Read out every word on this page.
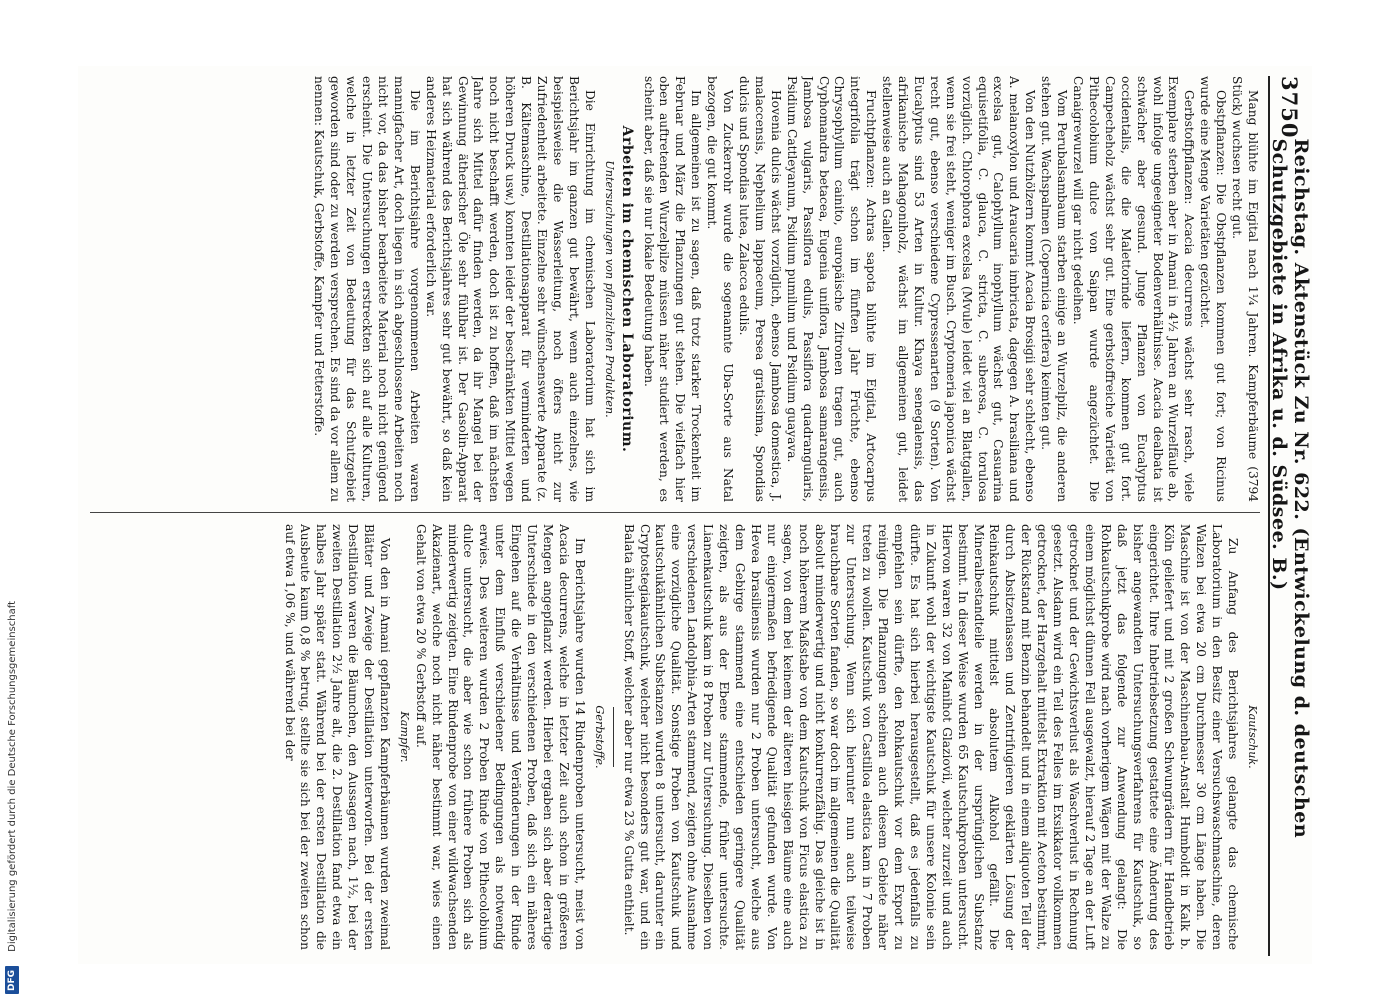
Digitalisierung gefördert durch die Deutsche Forschungsgemeinschaft
DFG
3750
Reichstag. Aktenstück Zu Nr. 622. (Entwickelung d. deutschen Schutzgebiete in Afrika u. d. Südsee. B.)

Mang blühte im Eigital nach 1¼ Jahren. Kampferbäume (3794 Stück) wuchsen recht gut.

Obstpflanzen: Die Obstpflanzen kommen gut fort; von Ricinus wurde eine Menge Varietäten gezüchtet.

Gerbstoffpflanzen: Acacia decurrens wächst sehr rasch, viele Exemplare sterben aber in Amani in 4½ Jahren an Wurzelfäule ab, wohl infolge ungeeigneter Bodenverhältnisse. Acacia dealbata ist schwächer aber gesund. Junge Pflanzen von Eucalyptus occidentalis, die die Malettorinde liefern, kommen gut fort. Campecheholz wächst sehr gut. Eine gerbstoffreiche Varietät von Pithecolobium dulce von Saipan wurde angezüchtet. Die Canaigrewurzel will gar nicht gedeihen.

Vom Perubalsambaum starben einige an Wurzelpilz, die anderen stehen gut. Wachspalmen (Copernicia cerifera) keimten gut.

Von den Nutzhölzern kommt Acacia Brosigii sehr schlecht, ebenso A. melanoxylon und Araucaria imbricata, dagegen A. brasiliana und excelsa gut, Calophyllum inophyllum wächst gut, Casuarina equisetifolia, C. glauca, C. stricta, C. suberosa, C. torulosa vorzüglich. Chlorophora excelsa (Mvule) leidet viel an Blattgallen, wenn sie frei steht, weniger im Busch. Cryptomeria japonica wächst recht gut, ebenso verschiedene Cypressenarten (9 Sorten). Von Eucalyptus sind 53 Arten in Kultur. Khaya senegalensis, das afrikanische Mahagoniholz, wächst im allgemeinen gut, leidet stellenweise auch an Gallen.

Fruchtpflanzen: Achras sapota blühte im Eigital, Artocarpus integrifolia trägt schon im fünften Jahr Früchte, ebenso Chrysophyllum cainito, europäische Zitronen tragen gut, auch Cyphomandra betacea, Eugenia uniflora, Jambosa samarangensis, Jambosa vulgaris, Passiflora edulis, Passiflora quadrangularis, Psidium Cattleyanum, Psidium pumilum und Psidium guayava.

Hovenia dulcis wächst vorzüglich, ebenso Jambosa domestica, J. malaccensis, Nephelium lappaceum, Persea gratissima, Spondias dulcis und Spondias lutea, Zalacca edulis.

Von Zuckerrohr wurde die sogenannte Uba-Sorte aus Natal bezogen, die gut kommt.

Im allgemeinen ist zu sagen, daß trotz starker Trockenheit im Februar und März die Pflanzungen gut stehen. Die vielfach hier oben auftretenden Wurzelpilze müssen näher studiert werden, es scheint aber, daß sie nur lokale Bedeutung haben.

Arbeiten im chemischen Laboratorium.
Untersuchungen von pflanzlichen Produkten.

Die Einrichtung im chemischen Laboratorium hat sich im Berichtsjahr im ganzen gut bewährt, wenn auch einzelnes, wie beispielsweise die Wasserleitung, noch öfters nicht zur Zufriedenheit arbeitete. Einzelne sehr wünschenswerte Apparate (z. B. Kältemaschine, Destillationsapparat für verminderten und höheren Druck usw.) konnten leider der beschränkten Mittel wegen noch nicht beschafft werden, doch ist zu hoffen, daß im nächsten Jahre sich Mittel dafür finden werden, da ihr Mangel bei der Gewinnung ätherischer Öle sehr fühlbar ist. Der Gasolin-Apparat hat sich während des Berichtsjahres sehr gut bewährt, so daß kein anderes Heizmaterial erforderlich war.

Die im Berichtsjahre vorgenommenen Arbeiten waren mannigfacher Art, doch liegen in sich abgeschlossene Arbeiten noch nicht vor, da das bisher bearbeitete Material noch nicht genügend erscheint. Die Untersuchungen erstreckten sich auf alle Kulturen, welche in letzter Zeit von Bedeutung für das Schutzgebiet geworden sind oder zu werden versprechen. Es sind da vor allem zu nennen: Kautschuk, Gerbstoffe, Kampfer und Fetterstoffe.

Kautschuk.

Zu Anfang des Berichtsjahres gelangte das chemische Laboratorium in den Besitz einer Versuchswaschmaschine, deren Walzen bei etwa 20 cm Durchmesser 30 cm Länge haben. Die Maschine ist von der Maschinenbau-Anstalt Humboldt in Kalk b. Köln geliefert und mit 2 großen Schwungrädern für Handbetrieb eingerichtet. Ihre Inbetriebsetzung gestattete eine Änderung des bisher angewandten Untersuchungsverfahrens für Kautschuk, so daß jetzt das folgende zur Anwendung gelangt: Die Rohkautschukprobe wird nach vorherigem Wägen mit der Walze zu einem möglichst dünnen Fell ausgewalzt, hierauf 2 Tage an der Luft getrocknet und der Gewichtsverlust als Waschverlust in Rechnung gesetzt. Alsdann wird ein Teil des Felles im Exsikkator vollkommen getrocknet, der Harzgehalt mittelst Extraktion mit Aceton bestimmt, der Rückstand mit Benzin behandelt und in einem aliquoten Teil der durch Absitzenlassen und Zentrifugieren geklärten Lösung der Reinkautschuk mittelst absolutem Alkohol gefällt. Die Mineralbestandteile werden in der ursprünglichen Substanz bestimmt. In dieser Weise wurden 65 Kautschukproben untersucht. Hiervon waren 32 von Manihot Glaziovii, welcher zurzeit und auch in Zukunft wohl der wichtigste Kautschuk für unsere Kolonie sein dürfte. Es hat sich hierbei herausgestellt, daß es jedenfalls zu empfehlen sein dürfte, den Rohkautschuk vor dem Export zu reinigen. Die Pflanzungen scheinen auch diesem Gebiete näher treten zu wollen. Kautschuk von Castilloa elastica kam in 7 Proben zur Untersuchung. Wenn sich hierunter nun auch teilweise brauchbare Sorten fanden, so war doch im allgemeinen die Qualität absolut minderwertig und nicht konkurrenzfähig. Das gleiche ist in noch höherem Maßstabe von dem Kautschuk von Ficus elastica zu sagen, von dem bei keinem der älteren hiesigen Bäume eine auch nur einigermaßen befriedigende Qualität gefunden wurde. Von Hevea brasiliensis wurden nur 2 Proben untersucht, welche aus dem Gebirge stammend eine entschieden geringere Qualität zeigten, als aus der Ebene stammende, früher untersuchte. Lianenkautschuk kam in 8 Proben zur Untersuchung. Dieselben von verschiedenen Landolphia-Arten stammend, zeigten ohne Ausnahme eine vorzügliche Qualität. Sonstige Proben von Kautschuk und kautschukähnlichen Substanzen wurden 8 untersucht, darunter ein Cryptostegiakautschuk, welcher nicht besonders gut war, und ein Balata ähnlicher Stoff, welcher aber nur etwa 23 % Gutta enthielt.

Gerbstoffe.

Im Berichtsjahre wurden 14 Rindenproben untersucht, meist von Acacia decurrens, welche in letzter Zeit auch schon in größeren Mengen angepflanzt werden. Hierbei ergaben sich aber derartige Unterschiede in den verschiedenen Proben, daß sich ein näheres Eingehen auf die Verhältnisse und Veränderungen in der Rinde unter dem Einfluß verschiedener Bedingungen als notwendig erwies. Des weiteren wurden 2 Proben Rinde von Pithecolobium dulce untersucht, die aber wie schon frühere Proben sich als minderwertig zeigten. Eine Rindenprobe von einer wildwachsenden Akazienart, welche noch nicht näher bestimmt war, wies einen Gehalt von etwa 20 % Gerbstoff auf.

Kampfer.

Von den in Amani gepflanzten Kampferbäumen wurden zweimal Blätter und Zweige der Destillation unterworfen. Bei der ersten Destillation waren die Bäumchen, den Aussagen nach, 1½, bei der zweiten Destillation 2½ Jahre alt, die 2. Destillation fand etwa ein halbes Jahr später statt. Während bei der ersten Destillation die Ausbeute kaum 0,8 % betrug, stellte sie sich bei der zweiten schon auf etwa 1,06 %, und während bei der
